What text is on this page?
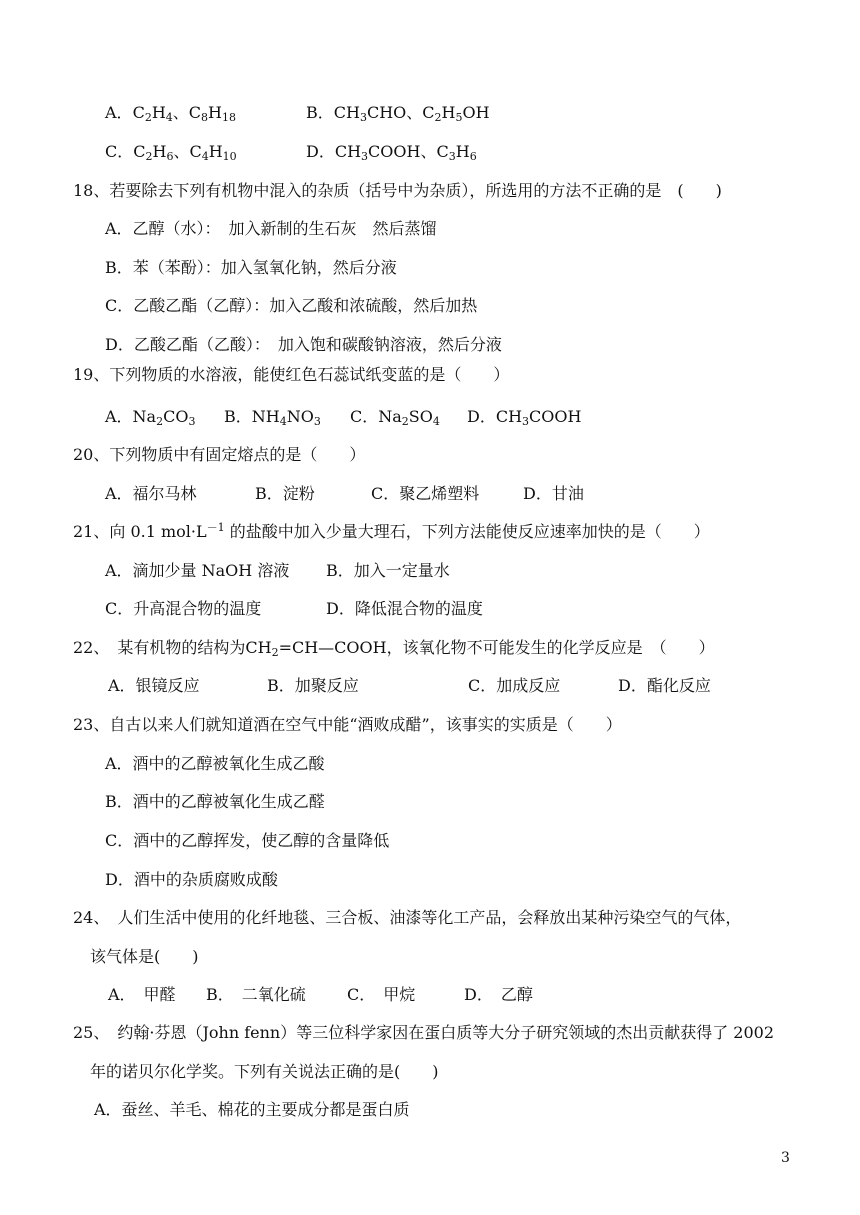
A．$C_2H_4$、$C_8H_{18}$	B．$CH_3CHO$、$C_2H_5OH$
C．$C_2H_6$、$C_4H_{10}$	D．$CH_3COOH$、$C_3H_6$
18、若要除去下列有机物中混入的杂质（括号中为杂质），所选用的方法不正确的是　(　　)
A．乙醇（水）：　加入新制的生石灰　然后蒸馏
B．苯（苯酚）：加入氢氧化钠，然后分液
C．乙酸乙酯（乙醇）：加入乙酸和浓硫酸，然后加热
D．乙酸乙酯（乙酸）：　加入饱和碳酸钠溶液，然后分液
19、下列物质的水溶液，能使红色石蕊试纸变蓝的是（　　）
A．$Na_2CO_3$ B．$NH_4NO_3$ C．$Na_2SO_4$ D．$CH_3COOH$
20、下列物质中有固定熔点的是（　　）
A．福尔马林	B．淀粉	C．聚乙烯塑料	D．甘油
21、向 0.1 $mol\cdot L^{-1}$ 的盐酸中加入少量大理石，下列方法能使反应速率加快的是（　　）
A．滴加少量 NaOH 溶液 B．加入一定量水
C．升高混合物的温度	D．降低混合物的温度
22、　某有机物的结构为$CH_2=CH—COOH$，该氧化物不可能发生的化学反应是　（　　）
A．银镜反应	B．加聚反应	C．加成反应	D．酯化反应
23、自古以来人们就知道酒在空气中能“酒败成醋”，该事实的实质是（　　）
A．酒中的乙醇被氧化生成乙酸
B．酒中的乙醇被氧化生成乙醛
C．酒中的乙醇挥发，使乙醇的含量降低
D．酒中的杂质腐败成酸
24、　 人们生活中使用的化纤地毯、三合板、油漆等化工产品，会释放出某种污染空气的气体，
该气体是(　　)
A．　甲醛 B．　二氧化硫	C．　甲烷	D．　乙醇
25、　 约翰·芬恩（John fenn）等三位科学家因在蛋白质等大分子研究领域的杰出贡献获得了 2002
年的诺贝尔化学奖。下列有关说法正确的是(　　)
A．蚕丝、羊毛、棉花的主要成分都是蛋白质
3
